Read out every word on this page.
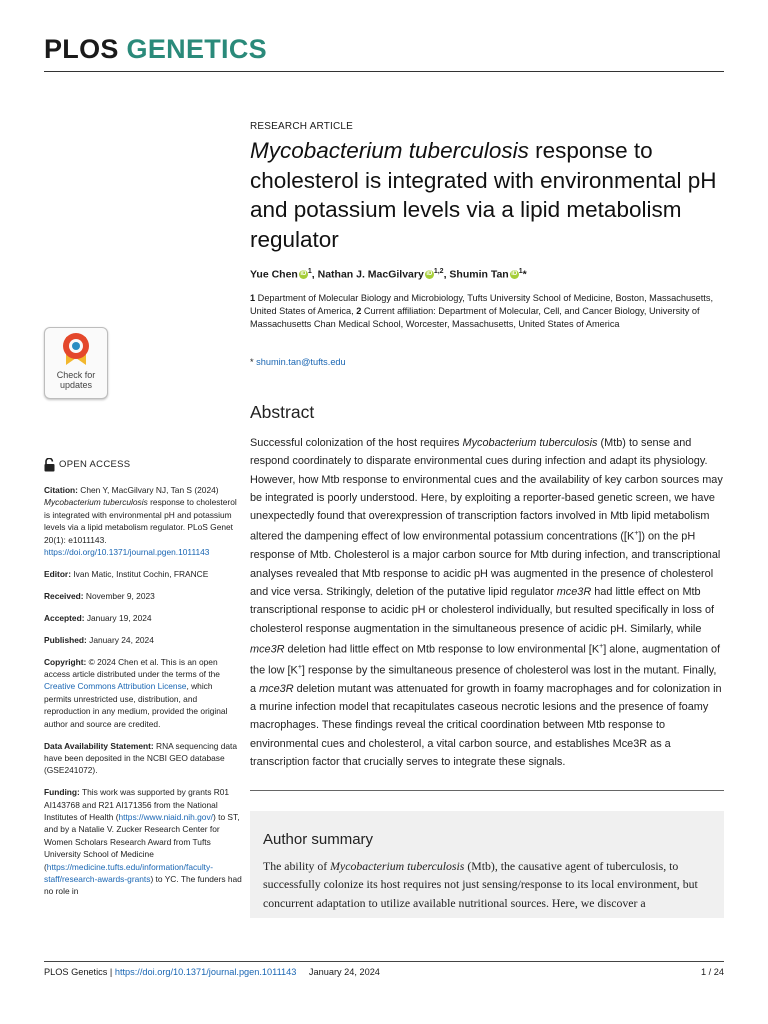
PLOS GENETICS
RESEARCH ARTICLE
Mycobacterium tuberculosis response to cholesterol is integrated with environmental pH and potassium levels via a lipid metabolism regulator
Yue Chen iD $^1$, Nathan J. MacGilvary iD $^{1,2}$, Shumin Tan iD $^1$*
1 Department of Molecular Biology and Microbiology, Tufts University School of Medicine, Boston, Massachusetts, United States of America, 2 Current affiliation: Department of Molecular, Cell, and Cancer Biology, University of Massachusetts Chan Medical School, Worcester, Massachusetts, United States of America
* shumin.tan@tufts.edu
Check for
updates
OPEN ACCESS

Citation: Chen Y, MacGilvary NJ, Tan S (2024) Mycobacterium tuberculosis response to cholesterol is integrated with environmental pH and potassium levels via a lipid metabolism regulator. PLoS Genet 20(1): e1011143. https://doi.org/10.1371/journal.pgen.1011143

Editor: Ivan Matic, Institut Cochin, FRANCE

Received: November 9, 2023

Accepted: January 19, 2024

Published: January 24, 2024

Copyright: © 2024 Chen et al. This is an open access article distributed under the terms of the Creative Commons Attribution License, which permits unrestricted use, distribution, and reproduction in any medium, provided the original author and source are credited.

Data Availability Statement: RNA sequencing data have been deposited in the NCBI GEO database (GSE241072).

Funding: This work was supported by grants R01 AI143768 and R21 AI171356 from the National Institutes of Health (https://www.niaid.nih.gov/) to ST, and by a Natalie V. Zucker Research Center for Women Scholars Research Award from Tufts University School of Medicine (https://medicine.tufts.edu/information/faculty-staff/research-awards-grants) to YC. The funders had no role in

Abstract
Successful colonization of the host requires Mycobacterium tuberculosis (Mtb) to sense and respond coordinately to disparate environmental cues during infection and adapt its physiology. However, how Mtb response to environmental cues and the availability of key carbon sources may be integrated is poorly understood. Here, by exploiting a reporter-based genetic screen, we have unexpectedly found that overexpression of transcription factors involved in Mtb lipid metabolism altered the dampening effect of low environmental potassium concentrations ([K+]) on the pH response of Mtb. Cholesterol is a major carbon source for Mtb during infection, and transcriptional analyses revealed that Mtb response to acidic pH was augmented in the presence of cholesterol and vice versa. Strikingly, deletion of the putative lipid regulator mce3R had little effect on Mtb transcriptional response to acidic pH or cholesterol individually, but resulted specifically in loss of cholesterol response augmentation in the simultaneous presence of acidic pH. Similarly, while mce3R deletion had little effect on Mtb response to low environmental [K+] alone, augmentation of the low [K+] response by the simultaneous presence of cholesterol was lost in the mutant. Finally, a mce3R deletion mutant was attenuated for growth in foamy macrophages and for colonization in a murine infection model that recapitulates caseous necrotic lesions and the presence of foamy macrophages. These findings reveal the critical coordination between Mtb response to environmental cues and cholesterol, a vital carbon source, and establishes Mce3R as a transcription factor that crucially serves to integrate these signals.
Author summary
The ability of Mycobacterium tuberculosis (Mtb), the causative agent of tuberculosis, to successfully colonize its host requires not just sensing/response to its local environment, but concurrent adaptation to utilize available nutritional sources. Here, we discover a
PLOS Genetics | https://doi.org/10.1371/journal.pgen.1011143 January 24, 2024	1 / 24
